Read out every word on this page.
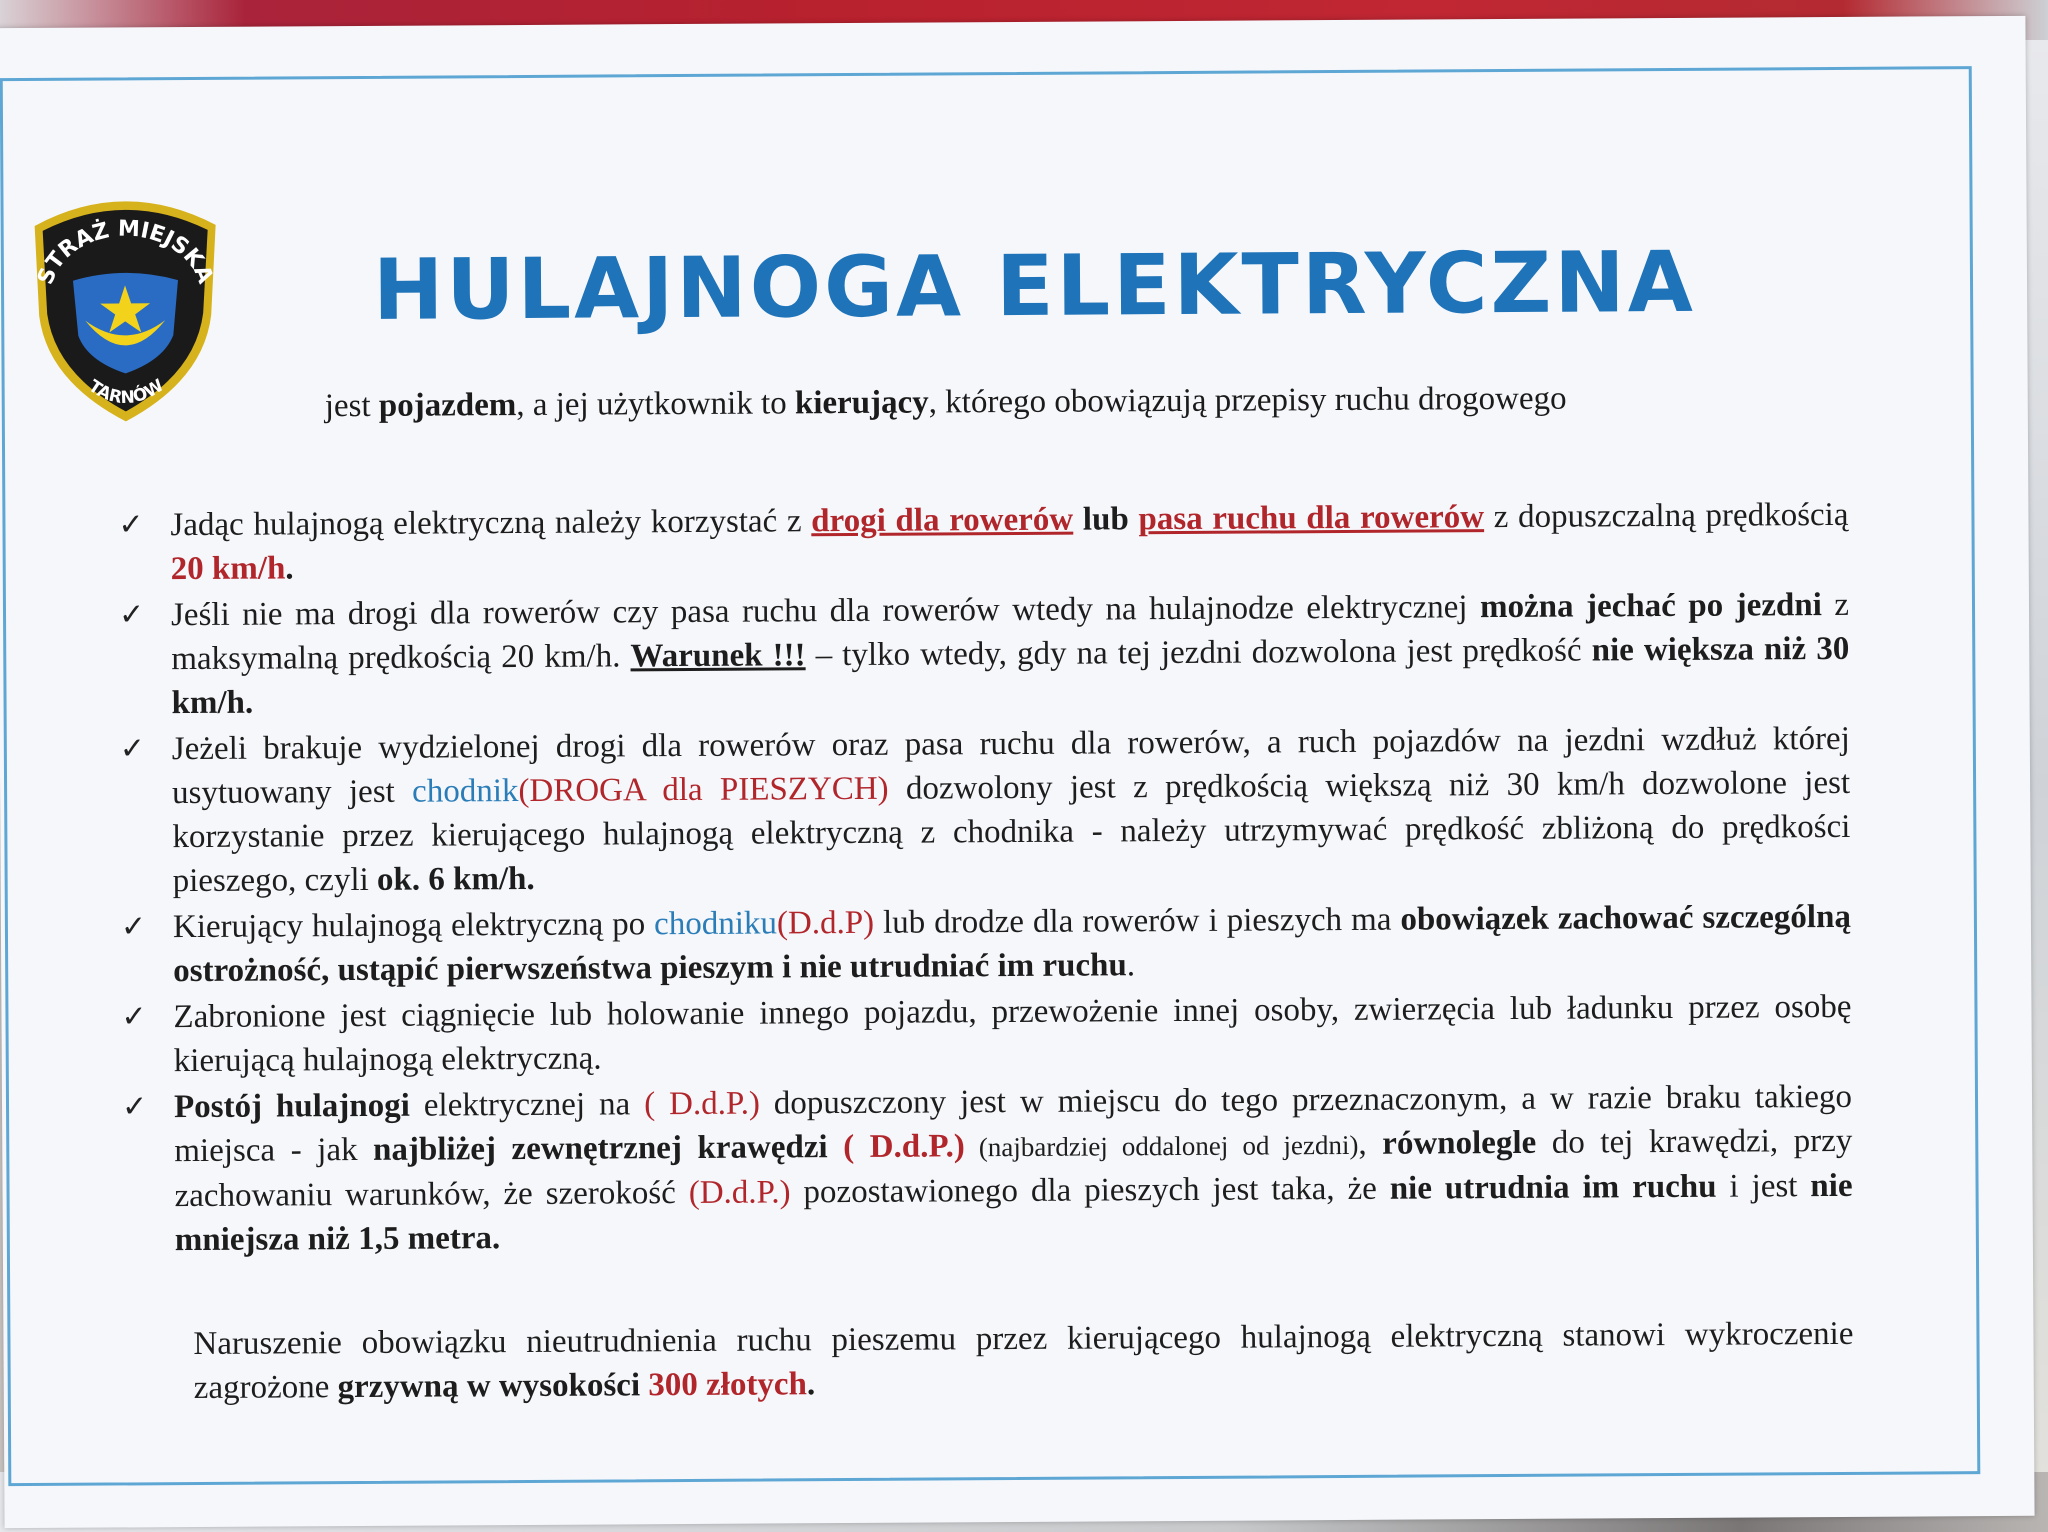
STRAŻ MIEJSKA
TARNÓW
HULAJNOGA ELEKTRYCZNA
jest pojazdem, a jej użytkownik to kierujący, którego obowiązują przepisy ruchu drogowego
✓ Jadąc hulajnogą elektryczną należy korzystać z drogi dla rowerów lub pasa ruchu dla rowerów z dopuszczalną prędkością 20 km/h.
✓ Jeśli nie ma drogi dla rowerów czy pasa ruchu dla rowerów wtedy na hulajnodze elektrycznej można jechać po jezdni z maksymalną prędkością 20 km/h. Warunek !!! – tylko wtedy, gdy na tej jezdni dozwolona jest prędkość nie większa niż 30 km/h.
✓ Jeżeli brakuje wydzielonej drogi dla rowerów oraz pasa ruchu dla rowerów, a ruch pojazdów na jezdni wzdłuż której usytuowany jest chodnik(DROGA dla PIESZYCH) dozwolony jest z prędkością większą niż 30 km/h dozwolone jest korzystanie przez kierującego hulajnogą elektryczną z chodnika - należy utrzymywać prędkość zbliżoną do prędkości pieszego, czyli ok. 6 km/h.
✓ Kierujący hulajnogą elektryczną po chodniku(D.d.P) lub drodze dla rowerów i pieszych ma obowiązek zachować szczególną ostrożność, ustąpić pierwszeństwa pieszym i nie utrudniać im ruchu.
✓ Zabronione jest ciągnięcie lub holowanie innego pojazdu, przewożenie innej osoby, zwierzęcia lub ładunku przez osobę kierującą hulajnogą elektryczną.
✓ Postój hulajnogi elektrycznej na ( D.d.P.) dopuszczony jest w miejscu do tego przeznaczonym, a w razie braku takiego miejsca - jak najbliżej zewnętrznej krawędzi ( D.d.P.) (najbardziej oddalonej od jezdni), równolegle do tej krawędzi, przy zachowaniu warunków, że szerokość (D.d.P.) pozostawionego dla pieszych jest taka, że nie utrudnia im ruchu i jest nie mniejsza niż 1,5 metra.
Naruszenie obowiązku nieutrudnienia ruchu pieszemu przez kierującego hulajnogą elektryczną stanowi wykroczenie zagrożone grzywną w wysokości 300 złotych.
